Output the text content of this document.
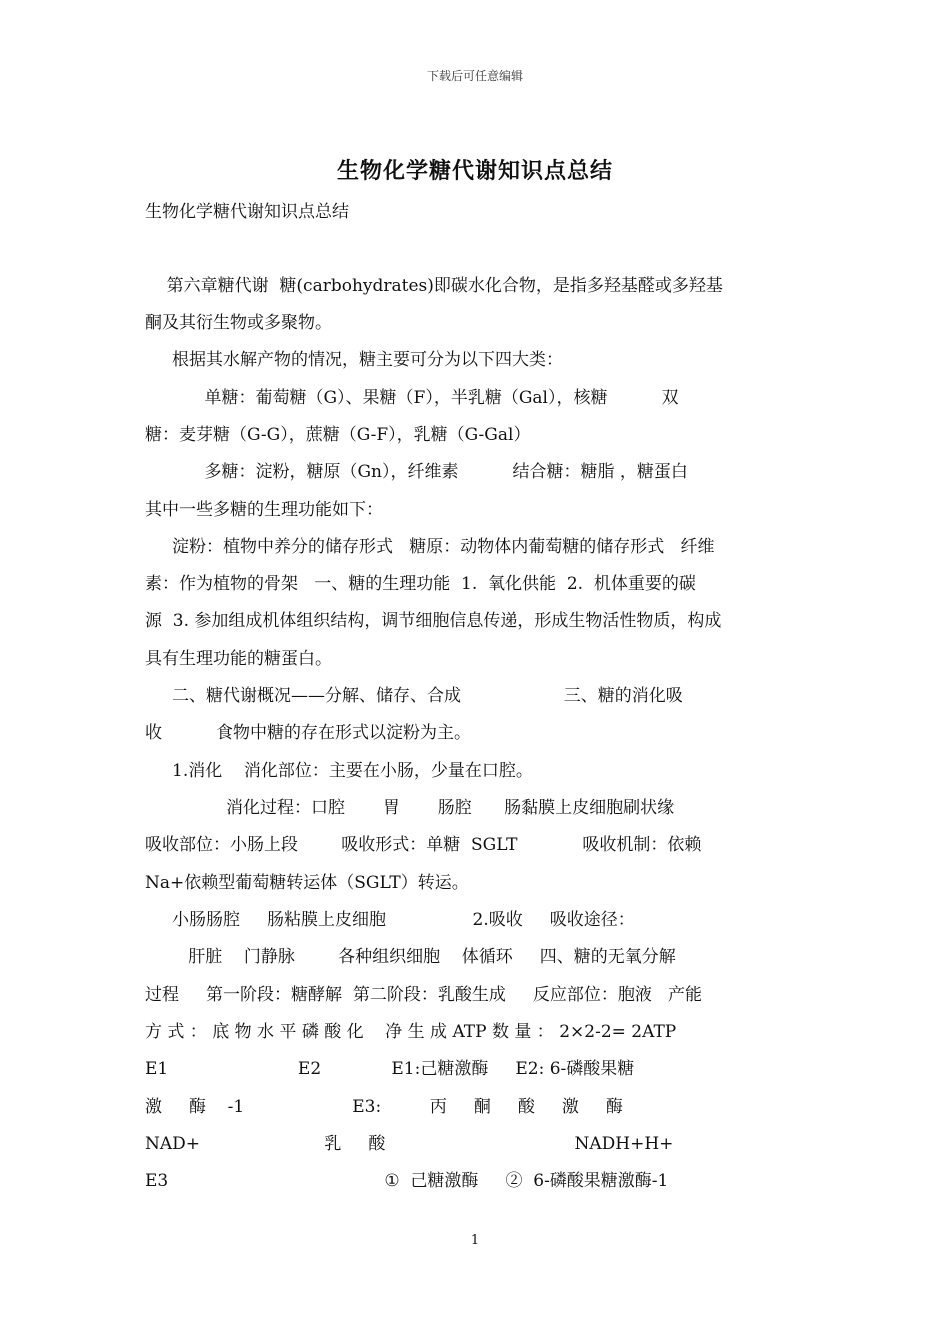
下载后可任意编辑
生物化学糖代谢知识点总结
生物化学糖代谢知识点总结
第六章糖代谢  糖(carbohydrates)即碳水化合物，是指多羟基醛或多羟基
酮及其衍生物或多聚物。
根据其水解产物的情况，糖主要可分为以下四大类：
单糖：葡萄糖（G）、果糖（F），半乳糖（Gal），核糖          双
糖：麦芽糖（G-G），蔗糖（G-F），乳糖（G-Gal）
多糖：淀粉，糖原（Gn），纤维素          结合糖：糖脂 ，糖蛋白
其中一些多糖的生理功能如下：
淀粉：植物中养分的储存形式   糖原：动物体内葡萄糖的储存形式   纤维
素：作为植物的骨架   一、糖的生理功能  1.  氧化供能  2.  机体重要的碳
源  3. 参加组成机体组织结构，调节细胞信息传递，形成生物活性物质，构成
具有生理功能的糖蛋白。
二、糖代谢概况——分解、储存、合成                   三、糖的消化吸
收          食物中糖的存在形式以淀粉为主。
1.消化    消化部位：主要在小肠，少量在口腔。
消化过程：口腔       胃       肠腔      肠黏膜上皮细胞刷状缘
吸收部位：小肠上段        吸收形式：单糖  SGLT            吸收机制：依赖
Na+依赖型葡萄糖转运体（SGLT）转运。
小肠肠腔     肠粘膜上皮细胞                2.吸收     吸收途径：
肝脏    门静脉        各种组织细胞    体循环     四、糖的无氧分解
过程     第一阶段：糖酵解  第二阶段：乳酸生成     反应部位：胞液   产能
方 式 ： 底 物 水 平 磷 酸 化    净 生 成 ATP 数 量 ： 2×2-2= 2ATP
E1                        E2             E1:己糖激酶     E2: 6-磷酸果糖
激     酶    -1                    E3:         丙     酮     酸     激     酶
NAD+                       乳     酸                                   NADH+H+
E3                                        ①  己糖激酶     ②  6-磷酸果糖激酶-1
1
